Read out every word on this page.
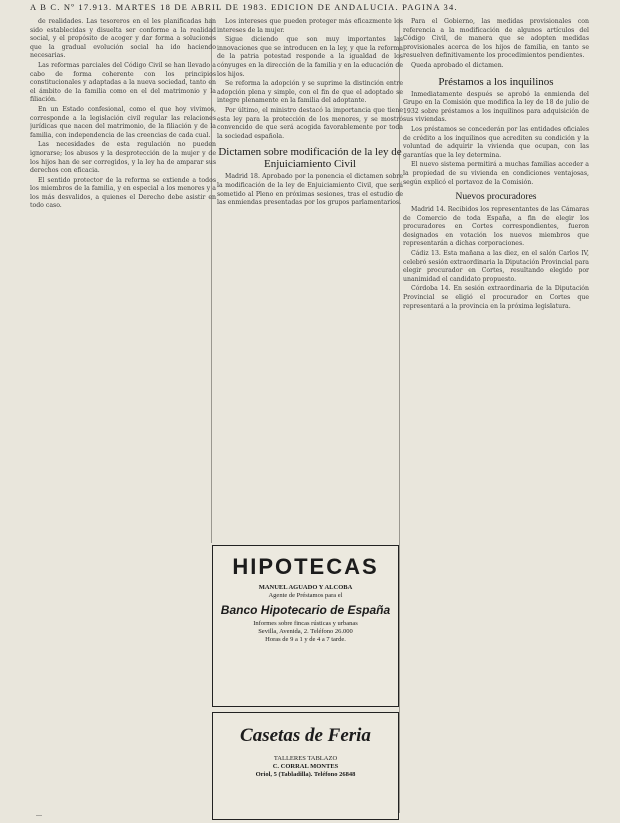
A B C. Nº 17.913. MARTES 18 DE ABRIL DE 1983. EDICION DE ANDALUCIA. PAGINA 34.

de realidades. Las tesoreros en el les planificadas han sido establecidas y disuelta ser conforme a la realidad social, y el propósito de acoger y dar forma a soluciones que la gradual evolución social ha ido haciendo necesarias.

Las reformas parciales del Código Civil se han llevado a cabo de forma coherente con los principios constitucionales y adaptadas a la nueva sociedad, tanto en el ámbito de la familia como en el del matrimonio y la filiación.

En un Estado confesional, como el que hoy vivimos, corresponde a la legislación civil regular las relaciones jurídicas que nacen del matrimonio, de la filiación y de la familia, con independencia de las creencias de cada cual.

Las necesidades de esta regulación no pueden ignorarse; los abusos y la desprotección de la mujer y de los hijos han de ser corregidos, y la ley ha de amparar sus derechos con eficacia.

El sentido protector de la reforma se extiende a todos los miembros de la familia, y en especial a los menores y a los más desvalidos, a quienes el Derecho debe asistir en todo caso.

Los intereses que pueden proteger más eficazmente los intereses de la mujer.

Sigue diciendo que son muy importantes las innovaciones que se introducen en la ley, y que la reforma de la patria potestad responde a la igualdad de los cónyuges en la dirección de la familia y en la educación de los hijos.

Se reforma la adopción y se suprime la distinción entre adopción plena y simple, con el fin de que el adoptado se integre plenamente en la familia del adoptante.

Por último, el ministro destacó la importancia que tiene esta ley para la protección de los menores, y se mostró convencido de que será acogida favorablemente por toda la sociedad española.

Dictamen sobre modificación de la ley de Enjuiciamiento Civil

Madrid 18. Aprobado por la ponencia el dictamen sobre la modificación de la ley de Enjuiciamiento Civil, que será sometido al Pleno en próximas sesiones, tras el estudio de las enmiendas presentadas por los grupos parlamentarios.

Para el Gobierno, las medidas provisionales con referencia a la modificación de algunos artículos del Código Civil, de manera que se adopten medidas provisionales acerca de los hijos de familia, en tanto se resuelven definitivamente los procedimientos pendientes.

Queda aprobado el dictamen.

Préstamos a los inquilinos

Inmediatamente después se aprobó la enmienda del Grupo en la Comisión que modifica la ley de 18 de julio de 1932 sobre préstamos a los inquilinos para adquisición de sus viviendas.

Los préstamos se concederán por las entidades oficiales de crédito a los inquilinos que acrediten su condición y la voluntad de adquirir la vivienda que ocupan, con las garantías que la ley determina.

El nuevo sistema permitirá a muchas familias acceder a la propiedad de su vivienda en condiciones ventajosas, según explicó el portavoz de la Comisión.

Nuevos procuradores

Madrid 14. Recibidos los representantes de las Cámaras de Comercio de toda España, a fin de elegir los procuradores en Cortes correspondientes, fueron designados en votación los nuevos miembros que representarán a dichas corporaciones.

Cádiz 13. Esta mañana a las diez, en el salón Carlos IV, celebró sesión extraordinaria la Diputación Provincial para elegir procurador en Cortes, resultando elegido por unanimidad el candidato propuesto.

Córdoba 14. En sesión extraordinaria de la Diputación Provincial se eligió el procurador en Cortes que representará a la provincia en la próxima legislatura.

HIPOTECAS
MANUEL AGUADO Y ALCOBA
Agente de Préstamos para el
Banco Hipotecario de España
Informes sobre fincas rústicas y urbanas
Sevilla, Avenida, 2. Teléfono 26.000
Horas de 9 a 1 y de 4 a 7 tarde.
Casetas de Feria
TALLERES TABLAZO
C. CORRAL MONTES
Oriol, 5 (Tabladilla). Teléfono 26848
—
